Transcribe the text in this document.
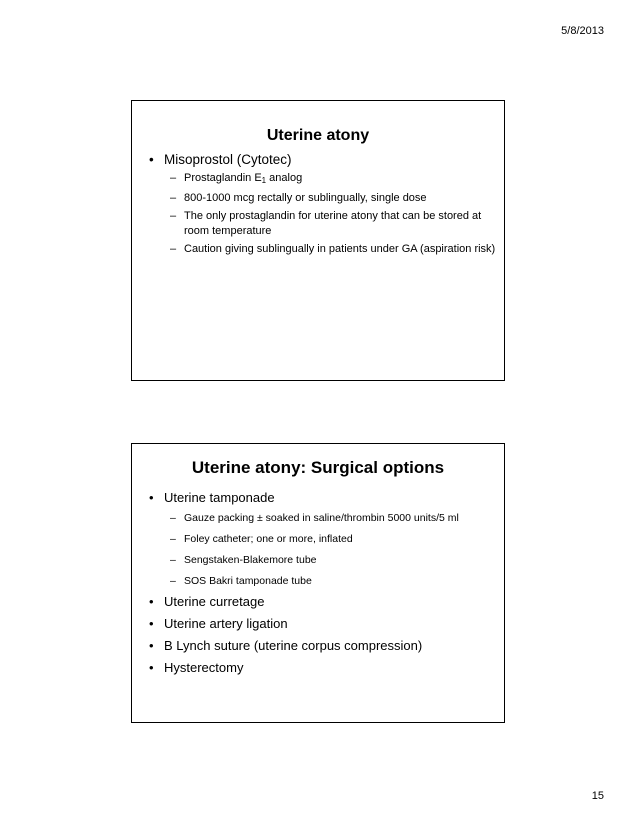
5/8/2013
Uterine atony
• Misoprostol (Cytotec)
– Prostaglandin $E_1$ analog
– 800-1000 mcg rectally or sublingually, single dose
– The only prostaglandin for uterine atony that can be stored at room temperature
– Caution giving sublingually in patients under GA (aspiration risk)
Uterine atony: Surgical options
• Uterine tamponade
– Gauze packing ± soaked in saline/thrombin 5000 units/5 ml
– Foley catheter; one or more, inflated
– Sengstaken-Blakemore tube
– SOS Bakri tamponade tube
• Uterine curretage
• Uterine artery ligation
• B Lynch suture (uterine corpus compression)
• Hysterectomy
15
